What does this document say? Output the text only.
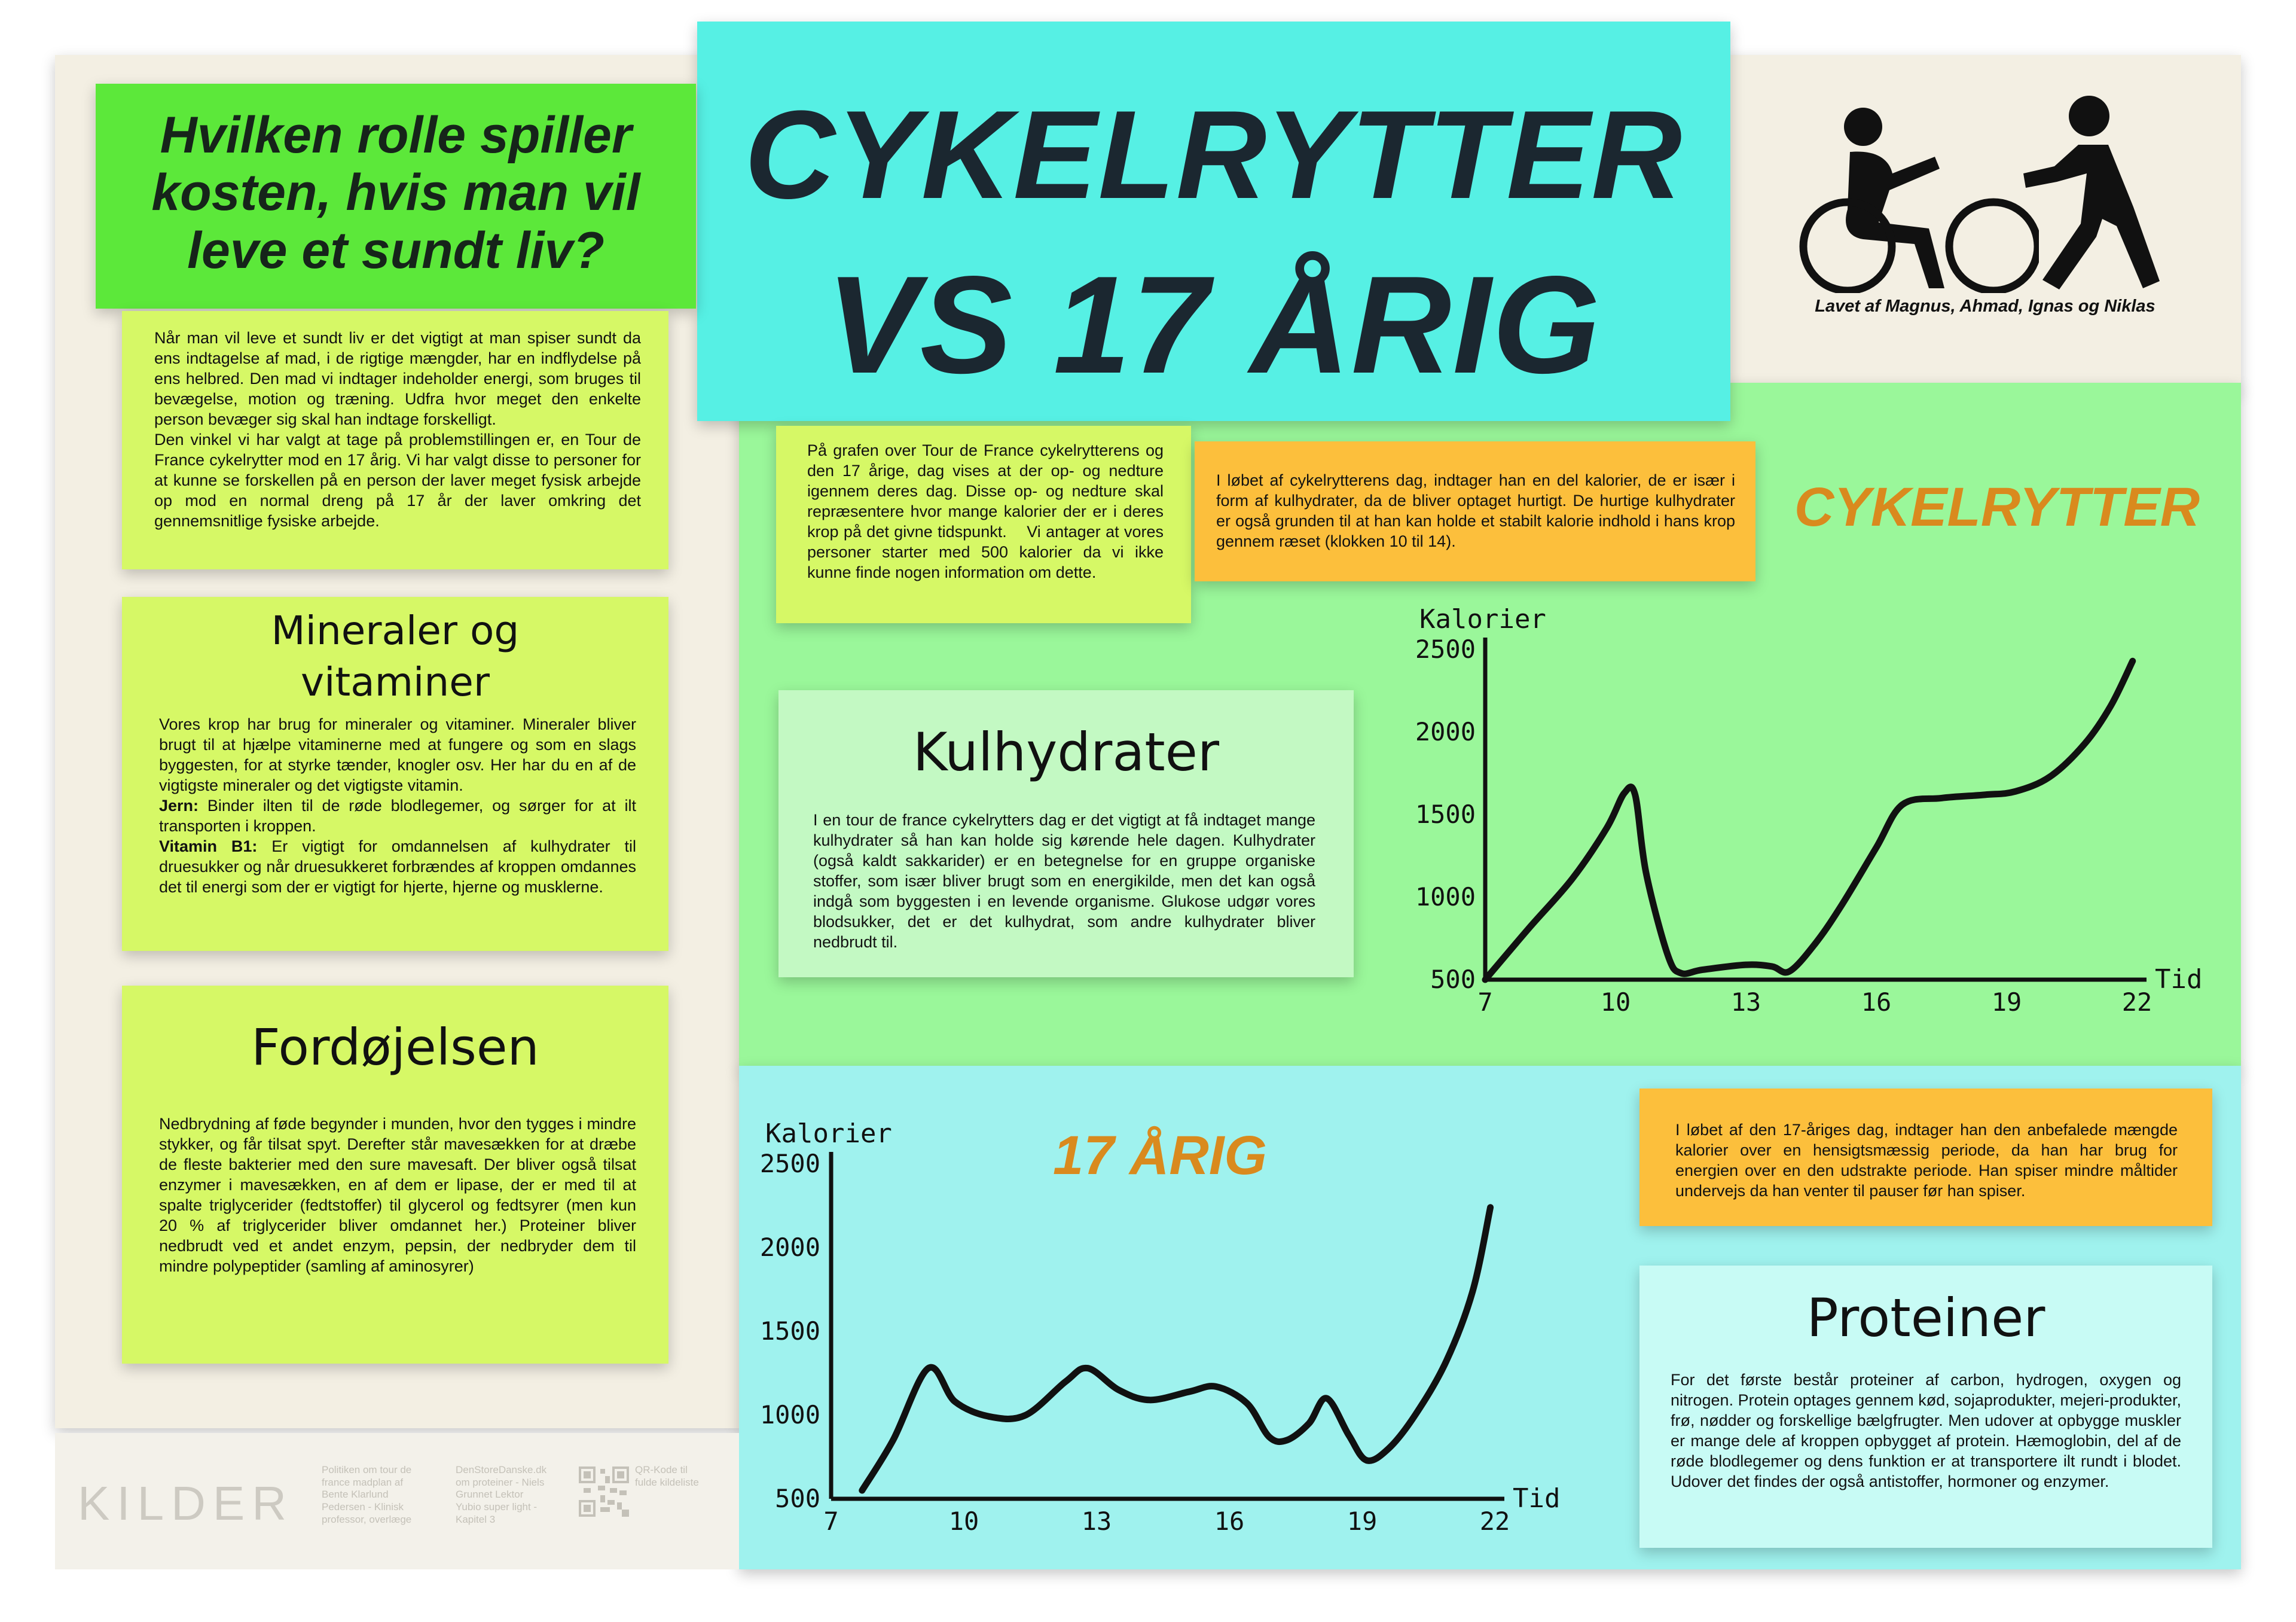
CYKELRYTTER
VS 17 ÅRIG	Lavet af Magnus, Ahmad, Ignas og Niklas
Hvilken rolle spiller kosten, hvis man vil leve et sundt liv?

Når man vil leve et sundt liv er det vigtigt at man spiser sundt da ens indtagelse af mad, i de rigtige mængder, har en indflydelse på ens helbred. Den mad vi indtager indeholder energi, som bruges til bevægelse, motion og træning. Udfra hvor meget den enkelte person bevæger sig skal han indtage forskelligt.

Den vinkel vi har valgt at tage på problemstillingen er, en Tour de France cykelrytter mod en 17 årig. Vi har valgt disse to personer for at kunne se forskellen på en person der laver meget fysisk arbejde op mod en normal dreng på 17 år der laver omkring det gennemsnitlige fysiske arbejde.

Mineraler og vitaminer

Vores krop har brug for mineraler og vitaminer. Mineraler bliver brugt til at hjælpe vitaminerne med at fungere og som en slags byggesten, for at styrke tænder, knogler osv. Her har du en af de vigtigste mineraler og det vigtigste vitamin.

Jern: Binder ilten til de røde blodlegemer, og sørger for at ilt transporten i kroppen.

Vitamin B1: Er vigtigt for omdannelsen af kulhydrater til druesukker og når druesukkeret forbrændes af kroppen omdannes det til energi som der er vigtigt for hjerte, hjerne og musklerne.

Fordøjelsen
Nedbrydning af føde begynder i munden, hvor den tygges i mindre stykker, og får tilsat spyt. Derefter står mavesækken for at dræbe de fleste bakterier med den sure mavesaft. Der bliver også tilsat enzymer i mavesækken, en af dem er lipase, der er med til at spalte triglycerider (fedtstoffer) til glycerol og fedtsyrer (men kun 20 % af triglycerider bliver omdannet her.) Proteiner bliver nedbrudt ved et andet enzym, pepsin, der nedbryder dem til mindre polypeptider (samling af aminosyrer)
På grafen over Tour de France cykelrytterens og den 17 årige, dag vises at der op- og nedture igennem deres dag. Disse op- og nedture skal repræsentere hvor mange kalorier der er i deres krop på det givne tidspunkt.    Vi antager at vores personer starter med 500 kalorier da vi ikke kunne finde nogen information om dette.
I løbet af cykelrytterens dag, indtager han en del kalorier, de er især i form af kulhydrater, da de bliver optaget hurtigt. De hurtige kulhydrater er også grunden til at han kan holde et stabilt kalorie indhold i hans krop gennem ræset (klokken 10 til 14).
Kulhydrater
I en tour de france cykelrytters dag er det vigtigt at få indtaget mange kulhydrater så han kan holde sig kørende hele dagen. Kulhydrater (også kaldt sakkarider) er en betegnelse for en gruppe organiske stoffer, som især bliver brugt som en energikilde, men det kan også indgå som byggesten i en levende organisme. Glukose udgør vores blodsukker, det er det kulhydrat, som andre kulhydrater bliver nedbrudt til.
CYKELRYTTER
17 ÅRIG
7	10	13	16	19	22
500
1000
1500
2000
2500
Kalorier
Tid
7	10	13	16	19	22
500
1000
1500
2000
2500
Kalorier
Tid
I løbet af den 17-åriges dag, indtager han den anbefalede mængde kalorier over en hensigtsmæssig periode, da han har brug for energien over en den udstrakte periode. Han spiser mindre måltider undervejs da han venter til pauser før han spiser.
Proteiner
For det første består proteiner af carbon, hydrogen, oxygen og nitrogen. Protein optages gennem kød, sojaprodukter, mejeri-produkter, frø, nødder og forskellige bælgfrugter. Men udover at opbygge muskler er mange dele af kroppen opbygget af protein. Hæmoglobin, del af de røde blodlegemer og dens funktion er at transportere ilt rundt i blodet. Udover det findes der også antistoffer, hormoner og enzymer.
KILDER
Politiken om tour de
france madplan af
Bente Klarlund
Pedersen - Klinisk
professor, overlæge
DenStoreDanske.dk
om proteiner - Niels
Grunnet Lektor
Yubio super light -
Kapitel 3
QR-Kode til
fulde kildeliste
